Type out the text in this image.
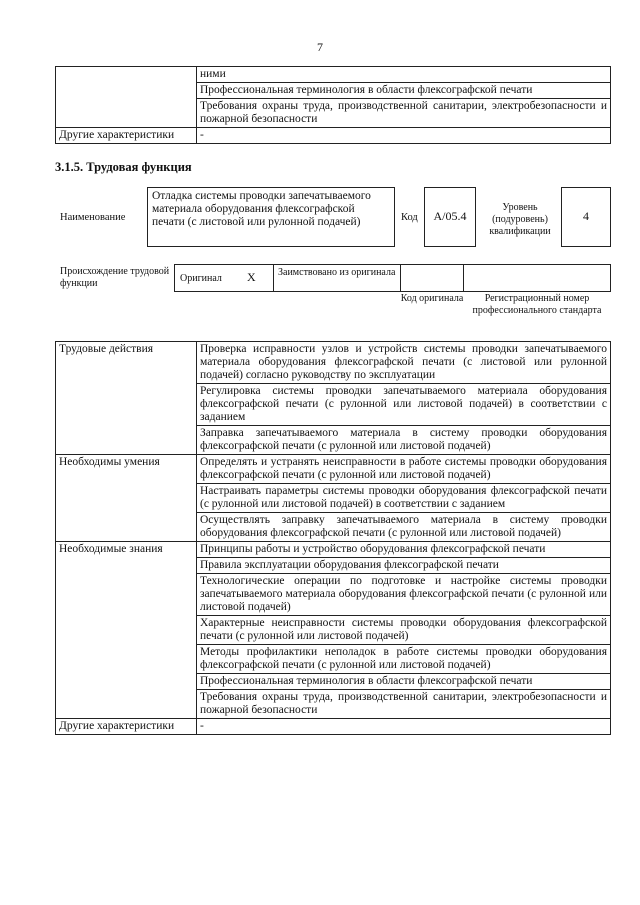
7
	ними
	Профессиональная терминология в области флексографской печати
	Требования охраны труда, производственной санитарии, электробезопасности и пожарной безопасности
Другие характеристики	-
3.1.5. Трудовая функция
Наименование
Отладка системы проводки запечатываемого материала оборудования флексографской печати (с листовой или рулонной подачей)	Код	А/05.4
Уровень (подуровень) квалификации
4
Происхождение трудовой функции	Оригинал X Заимствовано из оригинала
Код оригинала	Регистрационный номер профессионального стандарта
Трудовые действия	Проверка исправности узлов и устройств системы проводки запечатываемого материала оборудования флексографской печати (с листовой или рулонной подачей) согласно руководству по эксплуатации
	Регулировка системы проводки запечатываемого материала оборудования флексографской печати (с рулонной или листовой подачей) в соответствии с заданием
	Заправка запечатываемого материала в систему проводки оборудования флексографской печати (с рулонной или листовой подачей)
Необходимы умения	Определять и устранять неисправности в работе системы проводки оборудования флексографской печати (с рулонной или листовой подачей)
	Настраивать параметры системы проводки оборудования флексографской печати (с рулонной или листовой подачей) в соответствии с заданием
	Осуществлять заправку запечатываемого материала в систему проводки оборудования флексографской печати (с рулонной или листовой подачей)
Необходимые знания	Принципы работы и устройство оборудования флексографской печати
	Правила эксплуатации оборудования флексографской печати
	Технологические операции по подготовке и настройке системы проводки запечатываемого материала оборудования флексографской печати (с рулонной или листовой подачей)
	Характерные неисправности системы проводки оборудования флексографской печати (с рулонной или листовой подачей)
	Методы профилактики неполадок в работе системы проводки оборудования флексографской печати (с рулонной или листовой подачей)
	Профессиональная терминология в области флексографской печати
	Требования охраны труда, производственной санитарии, электробезопасности и пожарной безопасности
Другие характеристики	-
